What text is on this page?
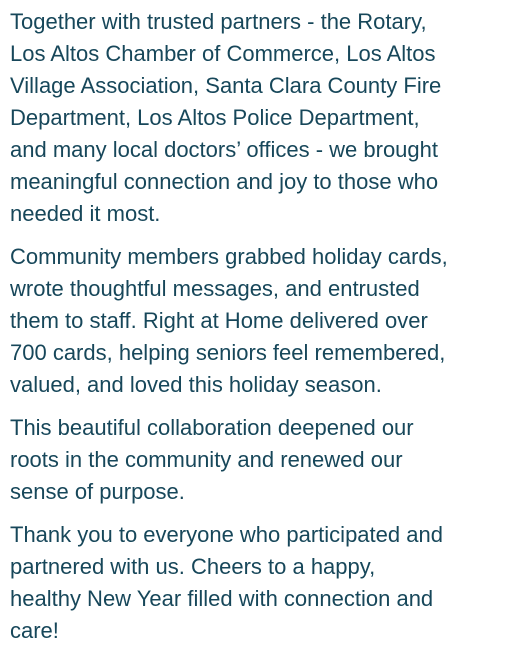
Together with trusted partners - the Rotary,
Los Altos Chamber of Commerce, Los Altos
Village Association, Santa Clara County Fire
Department, Los Altos Police Department,
and many local doctors’ offices - we brought
meaningful connection and joy to those who
needed it most.

Community members grabbed holiday cards,
wrote thoughtful messages, and entrusted
them to staff. Right at Home delivered over
700 cards, helping seniors feel remembered,
valued, and loved this holiday season.

This beautiful collaboration deepened our
roots in the community and renewed our
sense of purpose.

Thank you to everyone who participated and
partnered with us. Cheers to a happy,
healthy New Year filled with connection and
care!
